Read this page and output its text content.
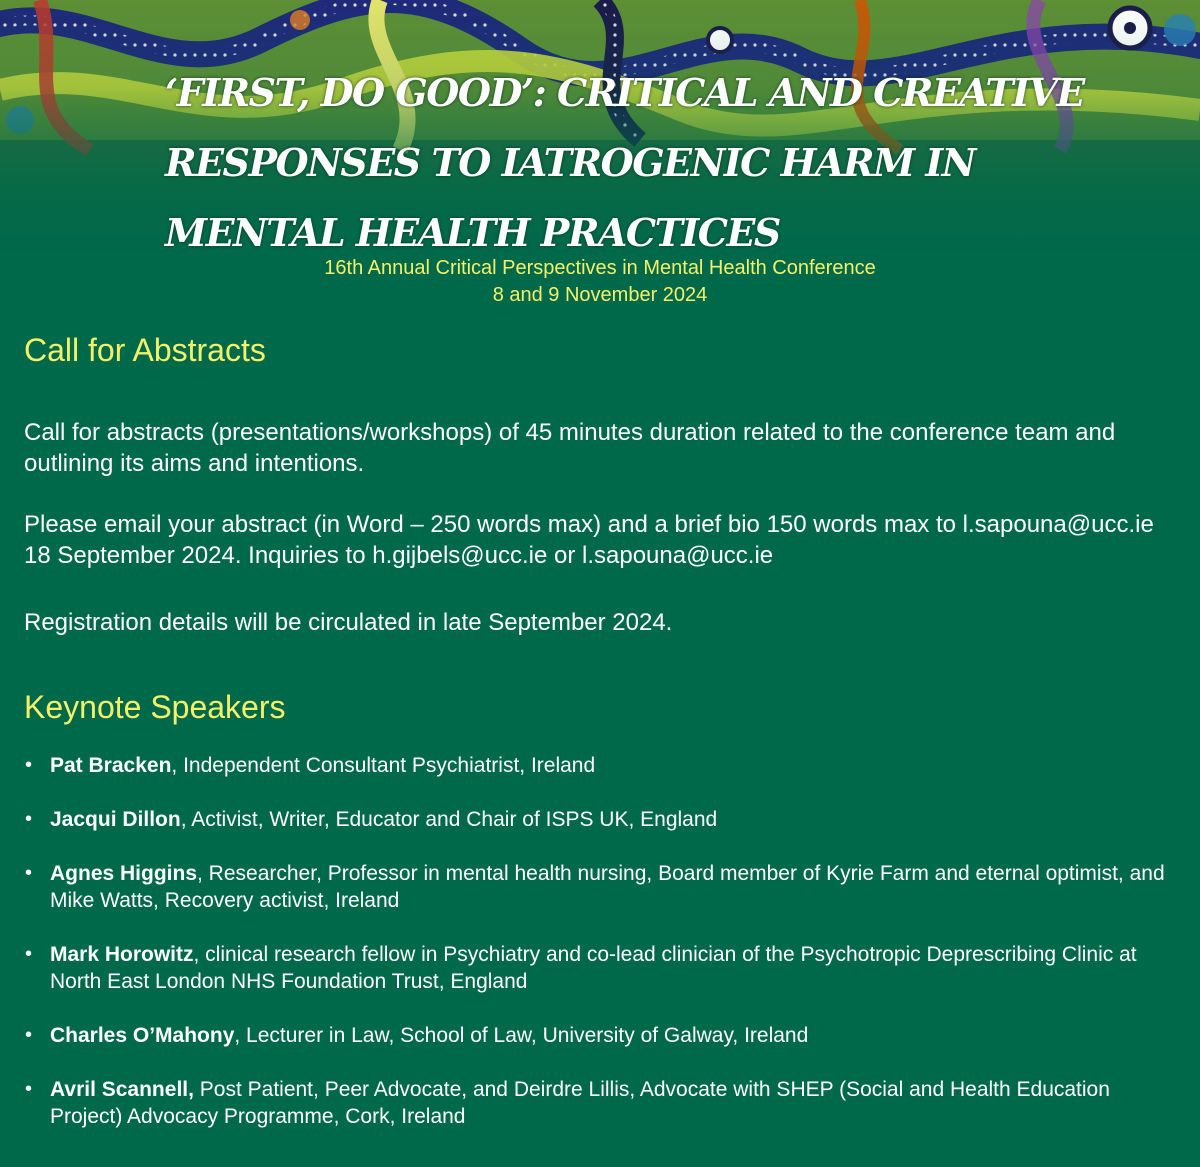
‘FIRST, DO GOOD’: CRITICAL AND CREATIVE
RESPONSES TO IATROGENIC HARM IN
MENTAL HEALTH PRACTICES
16th Annual Critical Perspectives in Mental Health Conference
8 and 9 November 2024
Call for Abstracts
Call for abstracts (presentations/workshops) of 45 minutes duration related to the conference team and outlining its aims and intentions.
Please email your abstract (in Word – 250 words max) and a brief bio 150 words max to l.sapouna@ucc.ie 18 September 2024. Inquiries to h.gijbels@ucc.ie or l.sapouna@ucc.ie
Registration details will be circulated in late September 2024.
Keynote Speakers
• Pat Bracken, Independent Consultant Psychiatrist, Ireland
• Jacqui Dillon, Activist, Writer, Educator and Chair of ISPS UK, England
• Agnes Higgins, Researcher, Professor in mental health nursing, Board member of Kyrie Farm and eternal optimist, and Mike Watts, Recovery activist, Ireland
• Mark Horowitz, clinical research fellow in Psychiatry and co-lead clinician of the Psychotropic Deprescribing Clinic at North East London NHS Foundation Trust, England
• Charles O’Mahony, Lecturer in Law, School of Law, University of Galway, Ireland
• Avril Scannell, Post Patient, Peer Advocate, and Deirdre Lillis, Advocate with SHEP (Social and Health Education Project) Advocacy Programme, Cork, Ireland
